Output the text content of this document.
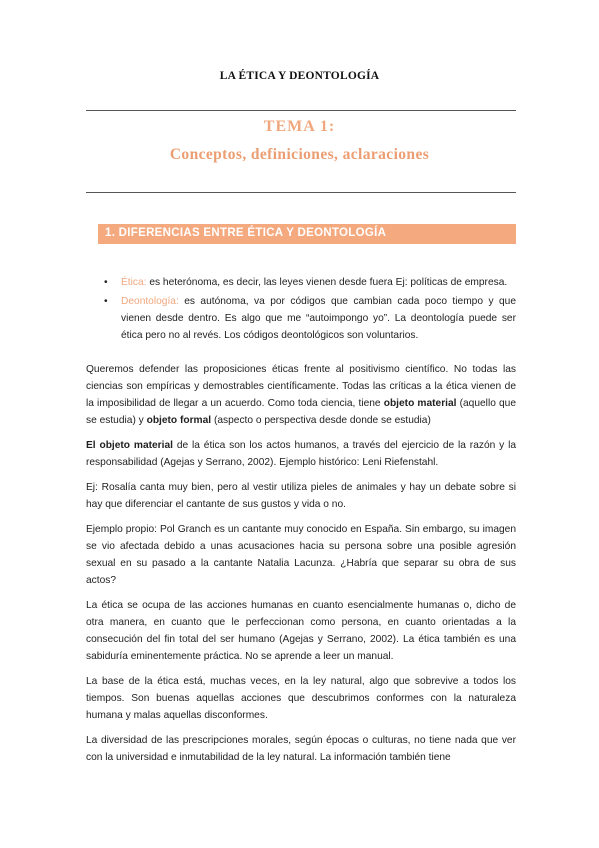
LA ÉTICA Y DEONTOLOGÍA
TEMA 1:
Conceptos, definiciones, aclaraciones
1. DIFERENCIAS ENTRE ÉTICA Y DEONTOLOGÍA
• Ética: es heterónoma, es decir, las leyes vienen desde fuera Ej: políticas de empresa.
• Deontología: es autónoma, va por códigos que cambian cada poco tiempo y que vienen desde dentro. Es algo que me “autoimpongo yo”. La deontología puede ser ética pero no al revés. Los códigos deontológicos son voluntarios.

Queremos defender las proposiciones éticas frente al positivismo científico. No todas las ciencias son empíricas y demostrables científicamente. Todas las críticas a la ética vienen de la imposibilidad de llegar a un acuerdo. Como toda ciencia, tiene objeto material (aquello que se estudia) y objeto formal (aspecto o perspectiva desde donde se estudia)

El objeto material de la ética son los actos humanos, a través del ejercicio de la razón y la responsabilidad (Agejas y Serrano, 2002). Ejemplo histórico: Leni Riefenstahl.

Ej: Rosalía canta muy bien, pero al vestir utiliza pieles de animales y hay un debate sobre si hay que diferenciar el cantante de sus gustos y vida o no.

Ejemplo propio: Pol Granch es un cantante muy conocido en España. Sin embargo, su imagen se vio afectada debido a unas acusaciones hacia su persona sobre una posible agresión sexual en su pasado a la cantante Natalia Lacunza. ¿Habría que separar su obra de sus actos?

La ética se ocupa de las acciones humanas en cuanto esencialmente humanas o, dicho de otra manera, en cuanto que le perfeccionan como persona, en cuanto orientadas a la consecución del fin total del ser humano (Agejas y Serrano, 2002). La ética también es una sabiduría eminentemente práctica. No se aprende a leer un manual.

La base de la ética está, muchas veces, en la ley natural, algo que sobrevive a todos los tiempos. Son buenas aquellas acciones que descubrimos conformes con la naturaleza humana y malas aquellas disconformes.

La diversidad de las prescripciones morales, según épocas o culturas, no tiene nada que ver con la universidad e inmutabilidad de la ley natural. La información también tiene
